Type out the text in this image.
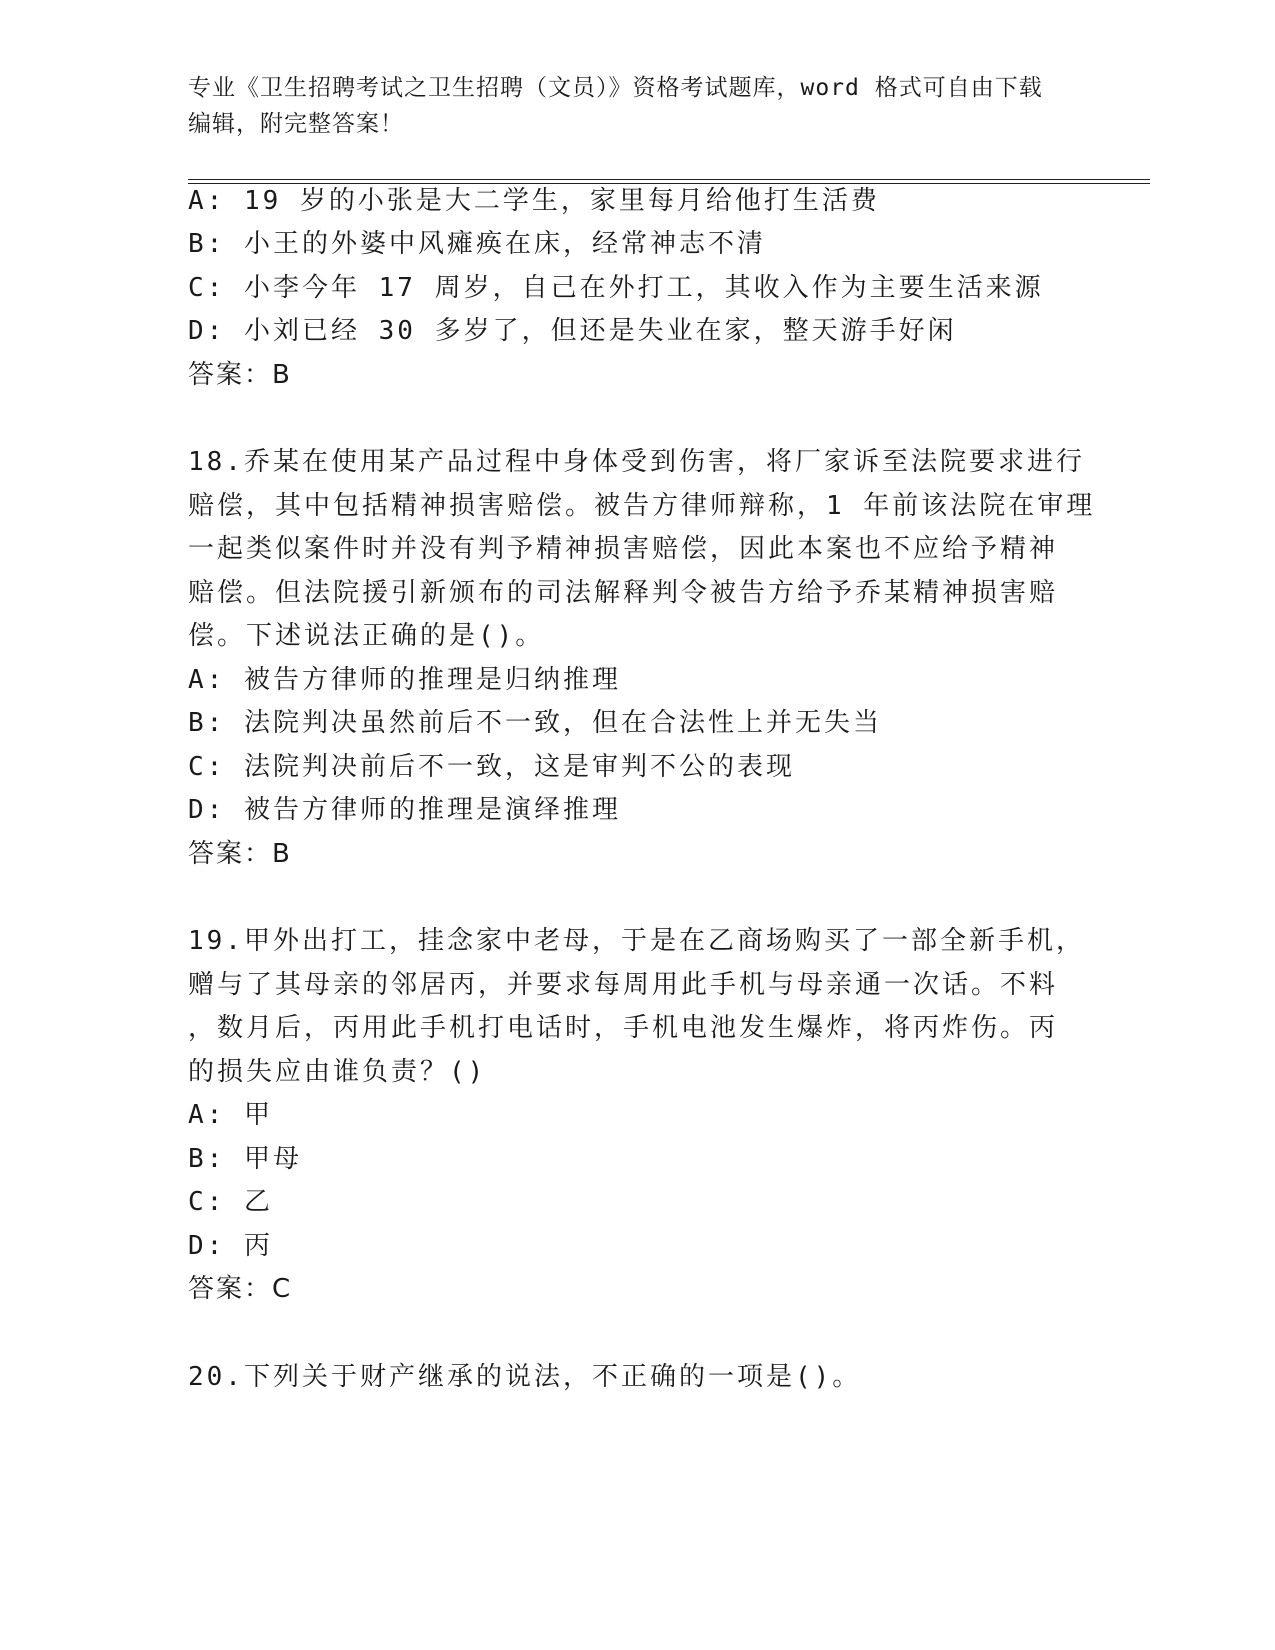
专业《卫生招聘考试之卫生招聘（文员）》资格考试题库，word 格式可自由下载
编辑，附完整答案！
A: 19 岁的小张是大二学生，家里每月给他打生活费
B: 小王的外婆中风瘫痪在床，经常神志不清
C: 小李今年 17 周岁，自己在外打工，其收入作为主要生活来源
D: 小刘已经 30 多岁了，但还是失业在家，整天游手好闲
答案：B
18.乔某在使用某产品过程中身体受到伤害，将厂家诉至法院要求进行
赔偿，其中包括精神损害赔偿。被告方律师辩称，1 年前该法院在审理
一起类似案件时并没有判予精神损害赔偿，因此本案也不应给予精神
赔偿。但法院援引新颁布的司法解释判令被告方给予乔某精神损害赔
偿。下述说法正确的是()。
A: 被告方律师的推理是归纳推理
B: 法院判决虽然前后不一致，但在合法性上并无失当
C: 法院判决前后不一致，这是审判不公的表现
D: 被告方律师的推理是演绎推理
答案：B
19.甲外出打工，挂念家中老母，于是在乙商场购买了一部全新手机，
赠与了其母亲的邻居丙，并要求每周用此手机与母亲通一次话。不料
，数月后，丙用此手机打电话时，手机电池发生爆炸，将丙炸伤。丙
的损失应由谁负责？()
A: 甲
B: 甲母
C: 乙
D: 丙
答案：C
20.下列关于财产继承的说法，不正确的一项是()。
